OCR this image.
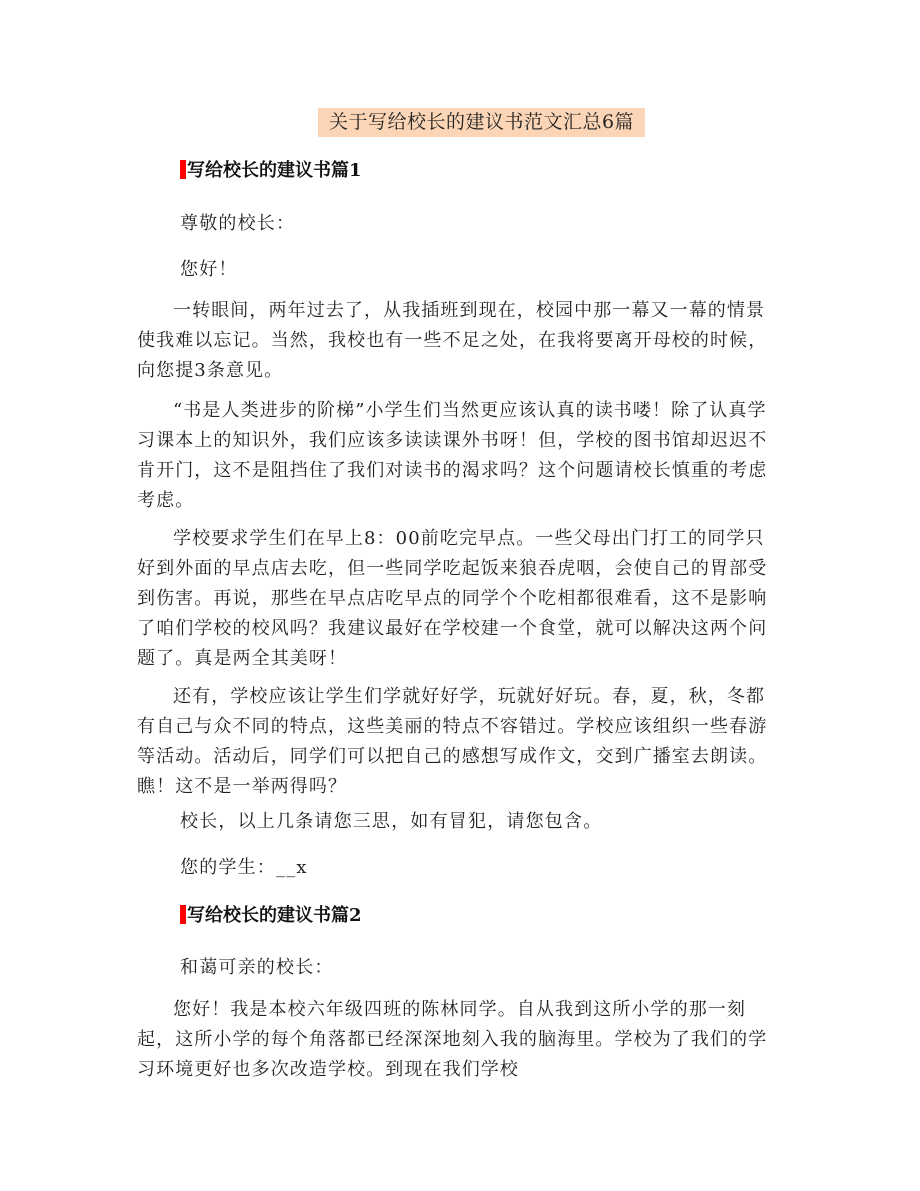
关于写给校长的建议书范文汇总6篇
写给校长的建议书篇1
尊敬的校长：
您好！

一转眼间，两年过去了，从我插班到现在，校园中那一幕又一幕的情景使我难以忘记。当然，我校也有一些不足之处，在我将要离开母校的时候，向您提3条意见。

“书是人类进步的阶梯”小学生们当然更应该认真的读书喽！除了认真学习课本上的知识外，我们应该多读读课外书呀！但，学校的图书馆却迟迟不肯开门，这不是阻挡住了我们对读书的渴求吗？这个问题请校长慎重的考虑考虑。

学校要求学生们在早上8：00前吃完早点。一些父母出门打工的同学只好到外面的早点店去吃，但一些同学吃起饭来狼吞虎咽，会使自己的胃部受到伤害。再说，那些在早点店吃早点的同学个个吃相都很难看，这不是影响了咱们学校的校风吗？我建议最好在学校建一个食堂，就可以解决这两个问题了。真是两全其美呀！

还有，学校应该让学生们学就好好学，玩就好好玩。春，夏，秋，冬都有自己与众不同的特点，这些美丽的特点不容错过。学校应该组织一些春游等活动。活动后，同学们可以把自己的感想写成作文，交到广播室去朗读。瞧！这不是一举两得吗？

校长，以上几条请您三思，如有冒犯，请您包含。
您的学生：__x
写给校长的建议书篇2
和蔼可亲的校长：

您好！我是本校六年级四班的陈林同学。自从我到这所小学的那一刻起，这所小学的每个角落都已经深深地刻入我的脑海里。学校为了我们的学习环境更好也多次改造学校。到现在我们学校
